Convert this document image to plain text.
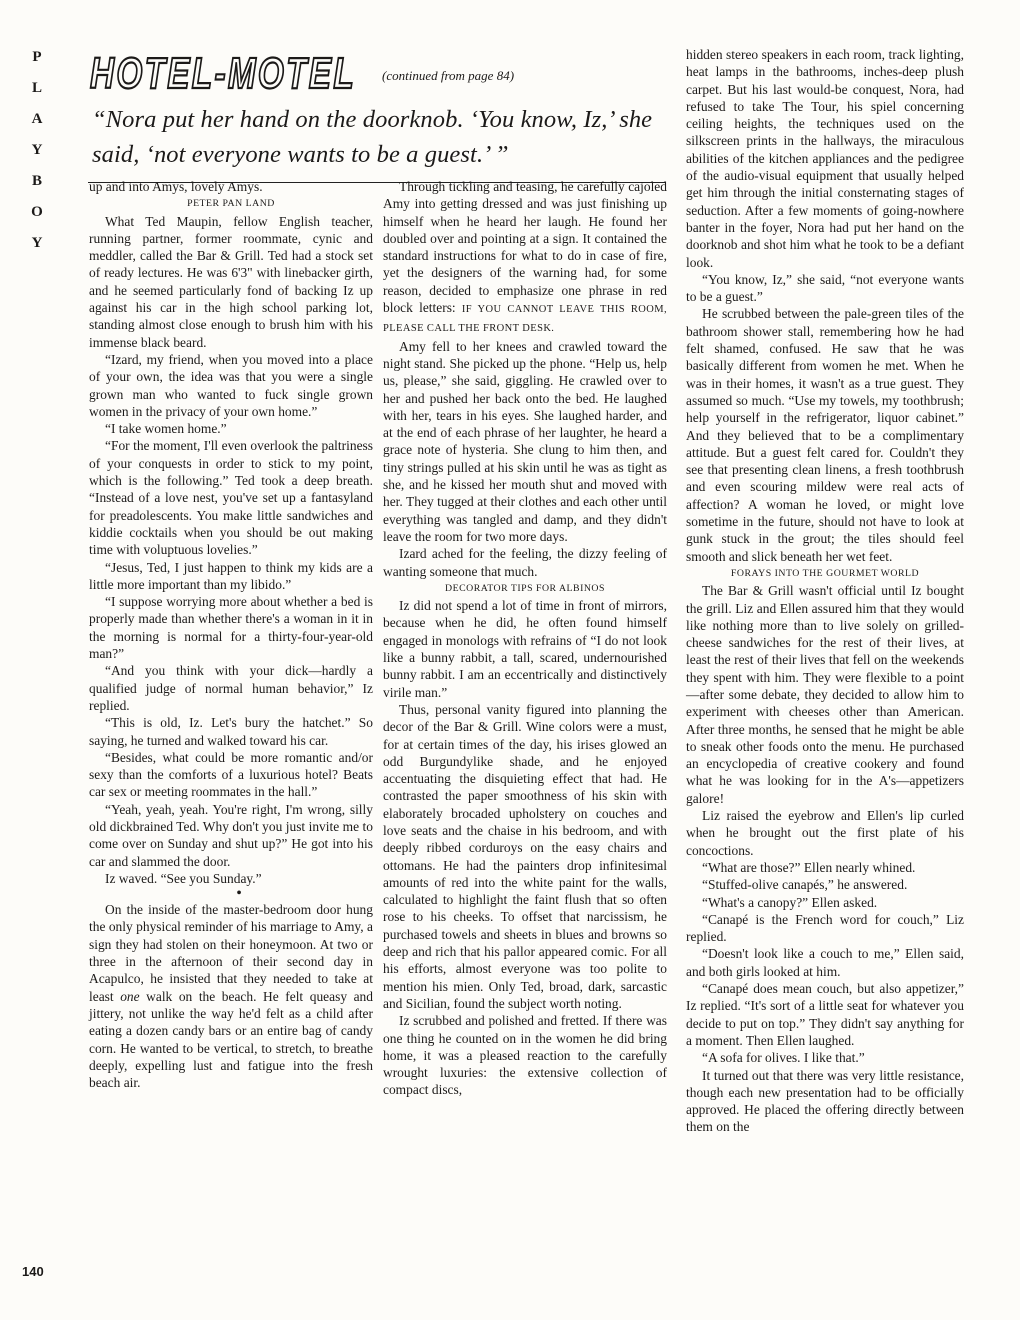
P
L
A
Y
B
O
Y
HOTEL-MOTEL (continued from page 84)
“Nora put her hand on the doorknob. ‘You know, Iz,’ she said, ‘not everyone wants to be a guest.’ ”

up and into Amys, lovely Amys.

PETER PAN LAND

What Ted Maupin, fellow English teacher, running partner, former roommate, cynic and meddler, called the Bar & Grill. Ted had a stock set of ready lectures. He was 6'3" with linebacker girth, and he seemed particularly fond of backing Iz up against his car in the high school parking lot, standing almost close enough to brush him with his immense black beard.

“Izard, my friend, when you moved into a place of your own, the idea was that you were a single grown man who wanted to fuck single grown women in the privacy of your own home.”

“I take women home.”

“For the moment, I'll even overlook the paltriness of your conquests in order to stick to my point, which is the following.” Ted took a deep breath. “Instead of a love nest, you've set up a fantasyland for preadolescents. You make little sandwiches and kiddie cocktails when you should be out making time with voluptuous lovelies.”

“Jesus, Ted, I just happen to think my kids are a little more important than my libido.”

“I suppose worrying more about whether a bed is properly made than whether there's a woman in it in the morning is normal for a thirty-four-year-old man?”

“And you think with your dick—hardly a qualified judge of normal human behavior,” Iz replied.

“This is old, Iz. Let's bury the hatchet.” So saying, he turned and walked toward his car.

“Besides, what could be more romantic and/or sexy than the comforts of a luxurious hotel? Beats car sex or meeting roommates in the hall.”

“Yeah, yeah, yeah. You're right, I'm wrong, silly old dickbrained Ted. Why don't you just invite me to come over on Sunday and shut up?” He got into his car and slammed the door.

Iz waved. “See you Sunday.”

•

On the inside of the master-bedroom door hung the only physical reminder of his marriage to Amy, a sign they had stolen on their honeymoon. At two or three in the afternoon of their second day in Acapulco, he insisted that they needed to take at least one walk on the beach. He felt queasy and jittery, not unlike the way he'd felt as a child after eating a dozen candy bars or an entire bag of candy corn. He wanted to be vertical, to stretch, to breathe deeply, expelling lust and fatigue into the fresh beach air.

Through tickling and teasing, he carefully cajoled Amy into getting dressed and was just finishing up himself when he heard her laugh. He found her doubled over and pointing at a sign. It contained the standard instructions for what to do in case of fire, yet the designers of the warning had, for some reason, decided to emphasize one phrase in red block letters: IF YOU CANNOT LEAVE THIS ROOM, PLEASE CALL THE FRONT DESK.

Amy fell to her knees and crawled toward the night stand. She picked up the phone. “Help us, help us, please,” she said, giggling. He crawled over to her and pushed her back onto the bed. He laughed with her, tears in his eyes. She laughed harder, and at the end of each phrase of her laughter, he heard a grace note of hysteria. She clung to him then, and tiny strings pulled at his skin until he was as tight as she, and he kissed her mouth shut and moved with her. They tugged at their clothes and each other until everything was tangled and damp, and they didn't leave the room for two more days.

Izard ached for the feeling, the dizzy feeling of wanting someone that much.

DECORATOR TIPS FOR ALBINOS

Iz did not spend a lot of time in front of mirrors, because when he did, he often found himself engaged in monologs with refrains of “I do not look like a bunny rabbit, a tall, scared, undernourished bunny rabbit. I am an eccentrically and distinctively virile man.”

Thus, personal vanity figured into planning the decor of the Bar & Grill. Wine colors were a must, for at certain times of the day, his irises glowed an odd Burgundylike shade, and he enjoyed accentuating the disquieting effect that had. He contrasted the paper smoothness of his skin with elaborately brocaded upholstery on couches and love seats and the chaise in his bedroom, and with deeply ribbed corduroys on the easy chairs and ottomans. He had the painters drop infinitesimal amounts of red into the white paint for the walls, calculated to highlight the faint flush that so often rose to his cheeks. To offset that narcissism, he purchased towels and sheets in blues and browns so deep and rich that his pallor appeared comic. For all his efforts, almost everyone was too polite to mention his mien. Only Ted, broad, dark, sarcastic and Sicilian, found the subject worth noting.

Iz scrubbed and polished and fretted. If there was one thing he counted on in the women he did bring home, it was a pleased reaction to the carefully wrought luxuries: the extensive collection of compact discs,

hidden stereo speakers in each room, track lighting, heat lamps in the bathrooms, inches-deep plush carpet. But his last would-be conquest, Nora, had refused to take The Tour, his spiel concerning ceiling heights, the techniques used on the silkscreen prints in the hallways, the miraculous abilities of the kitchen appliances and the pedigree of the audio-visual equipment that usually helped get him through the initial consternating stages of seduction. After a few moments of going-nowhere banter in the foyer, Nora had put her hand on the doorknob and shot him what he took to be a defiant look.

“You know, Iz,” she said, “not everyone wants to be a guest.”

He scrubbed between the pale-green tiles of the bathroom shower stall, remembering how he had felt shamed, confused. He saw that he was basically different from women he met. When he was in their homes, it wasn't as a true guest. They assumed so much. “Use my towels, my toothbrush; help yourself in the refrigerator, liquor cabinet.” And they believed that to be a complimentary attitude. But a guest felt cared for. Couldn't they see that presenting clean linens, a fresh toothbrush and even scouring mildew were real acts of affection? A woman he loved, or might love sometime in the future, should not have to look at gunk stuck in the grout; the tiles should feel smooth and slick beneath her wet feet.

FORAYS INTO THE GOURMET WORLD

The Bar & Grill wasn't official until Iz bought the grill. Liz and Ellen assured him that they would like nothing more than to live solely on grilled-cheese sandwiches for the rest of their lives, at least the rest of their lives that fell on the weekends they spent with him. They were flexible to a point—after some debate, they decided to allow him to experiment with cheeses other than American. After three months, he sensed that he might be able to sneak other foods onto the menu. He purchased an encyclopedia of creative cookery and found what he was looking for in the A's—appetizers galore!

Liz raised the eyebrow and Ellen's lip curled when he brought out the first plate of his concoctions.

“What are those?” Ellen nearly whined.

“Stuffed-olive canapés,” he answered.

“What's a canopy?” Ellen asked.

“Canapé is the French word for couch,” Liz replied.

“Doesn't look like a couch to me,” Ellen said, and both girls looked at him.

“Canapé does mean couch, but also appetizer,” Iz replied. “It's sort of a little seat for whatever you decide to put on top.” They didn't say anything for a moment. Then Ellen laughed.

“A sofa for olives. I like that.”

It turned out that there was very little resistance, though each new presentation had to be officially approved. He placed the offering directly between them on the

140
